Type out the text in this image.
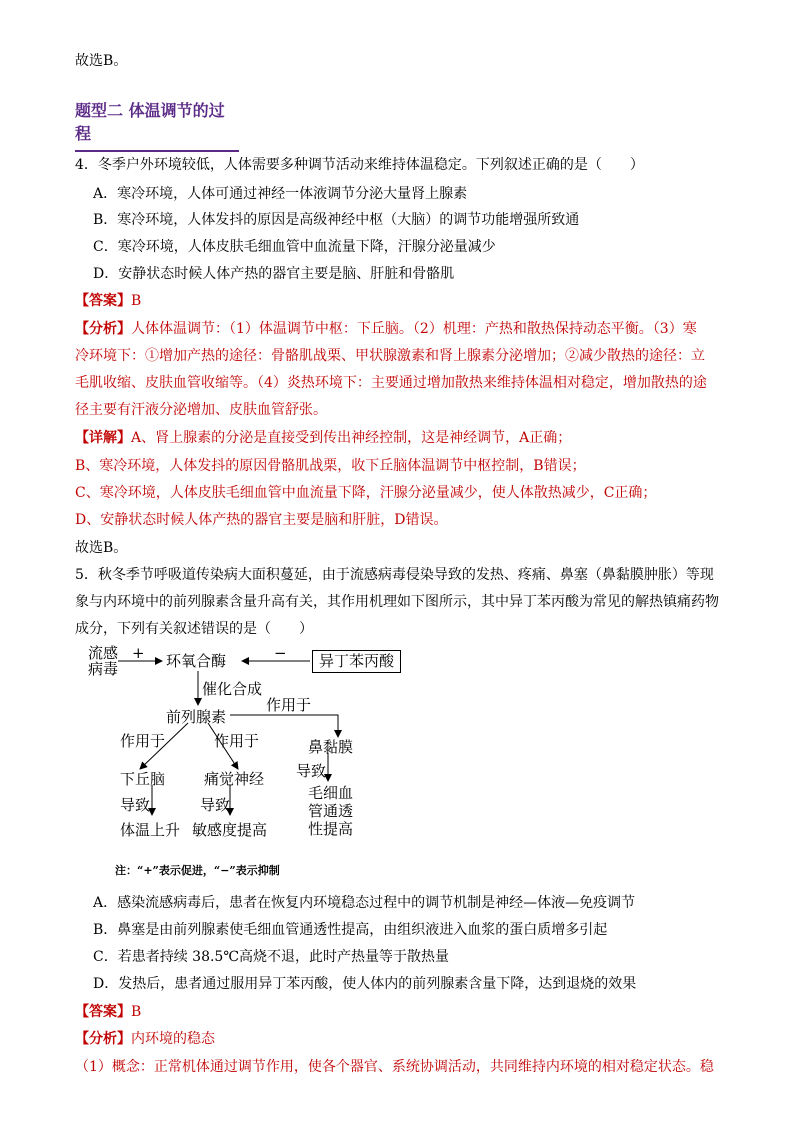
故选B。
题型二 体温调节的过程
4．冬季户外环境较低，人体需要多种调节活动来维持体温稳定。下列叙述正确的是（　　）
A．寒冷环境，人体可通过神经一体液调节分泌大量肾上腺素
B．寒冷环境，人体发抖的原因是高级神经中枢（大脑）的调节功能增强所致通
C．寒冷环境，人体皮肤毛细血管中血流量下降，汗腺分泌量减少
D．安静状态时候人体产热的器官主要是脑、肝脏和骨骼肌
【答案】B
【分析】人体体温调节：（1）体温调节中枢：下丘脑。（2）机理：产热和散热保持动态平衡。（3）寒
冷环境下：①增加产热的途径：骨骼肌战栗、甲状腺激素和肾上腺素分泌增加；②减少散热的途径：立
毛肌收缩、皮肤血管收缩等。（4）炎热环境下：主要通过增加散热来维持体温相对稳定，增加散热的途
径主要有汗液分泌增加、皮肤血管舒张。
【详解】A、肾上腺素的分泌是直接受到传出神经控制，这是神经调节，A正确；
B、寒冷环境，人体发抖的原因骨骼肌战栗，收下丘脑体温调节中枢控制，B错误；
C、寒冷环境，人体皮肤毛细血管中血流量下降，汗腺分泌量减少，使人体散热减少，C正确；
D、安静状态时候人体产热的器官主要是脑和肝脏，D错误。
故选B。
5．秋冬季节呼吸道传染病大面积蔓延，由于流感病毒侵染导致的发热、疼痛、鼻塞（鼻黏膜肿胀）等现
象与内环境中的前列腺素含量升高有关，其作用机理如下图所示，其中异丁苯丙酸为常见的解热镇痛药物
成分，下列有关叙述错误的是（　　）
流感
病毒
+ 环氧合酶	−	异丁苯丙酸
催化合成
前列腺素
作用于
作用于	作用于	鼻黏膜
导致
下丘脑	痛觉神经
导致	导致
毛细血
管通透
性提高
体温上升 敏感度提高
注：“+”表示促进，“−”表示抑制
A．感染流感病毒后，患者在恢复内环境稳态过程中的调节机制是神经—体液—免疫调节
B．鼻塞是由前列腺素使毛细血管通透性提高，由组织液进入血浆的蛋白质增多引起
C．若患者持续 38.5℃高烧不退，此时产热量等于散热量
D．发热后，患者通过服用异丁苯丙酸，使人体内的前列腺素含量下降，达到退烧的效果
【答案】B
【分析】内环境的稳态
（1）概念：正常机体通过调节作用，使各个器官、系统协调活动，共同维持内环境的相对稳定状态。稳
